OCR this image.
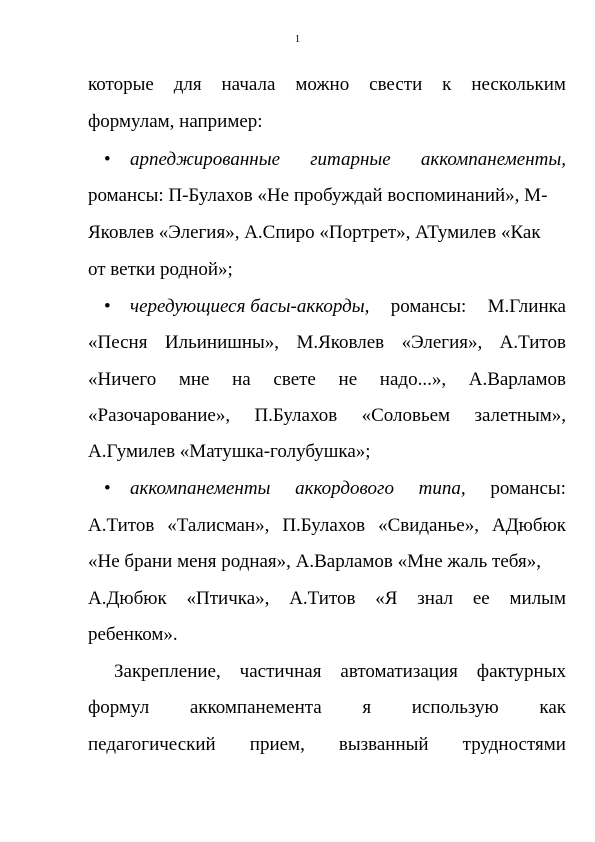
1
которые для начала можно свести к нескольким
формулам, например:
•	арпеджированные гитарные аккомпанементы,
романсы: П-Булахов «Не пробуждай воспоминаний», М-
Яковлев «Элегия», А.Спиро «Портрет», АТумилев «Как
от ветки родной»;
•	чередующиеся басы-аккорды, романсы: М.Глинка
«Песня Ильинишны», М.Яковлев «Элегия», А.Титов
«Ничего мне на свете не надо...», А.Варламов
«Разочарование», П.Булахов «Соловьем залетным»,
А.Гумилев «Матушка-голубушка»;
•	аккомпанементы аккордового типа, романсы:
А.Титов «Талисман», П.Булахов «Свиданье», АДюбюк
«Не брани меня родная», А.Варламов «Мне жаль тебя»,
А.Дюбюк «Птичка», А.Титов «Я знал ее милым
ребенком».
Закрепление, частичная автоматизация фактурных
формул аккомпанемента я использую как
педагогический прием, вызванный трудностями
